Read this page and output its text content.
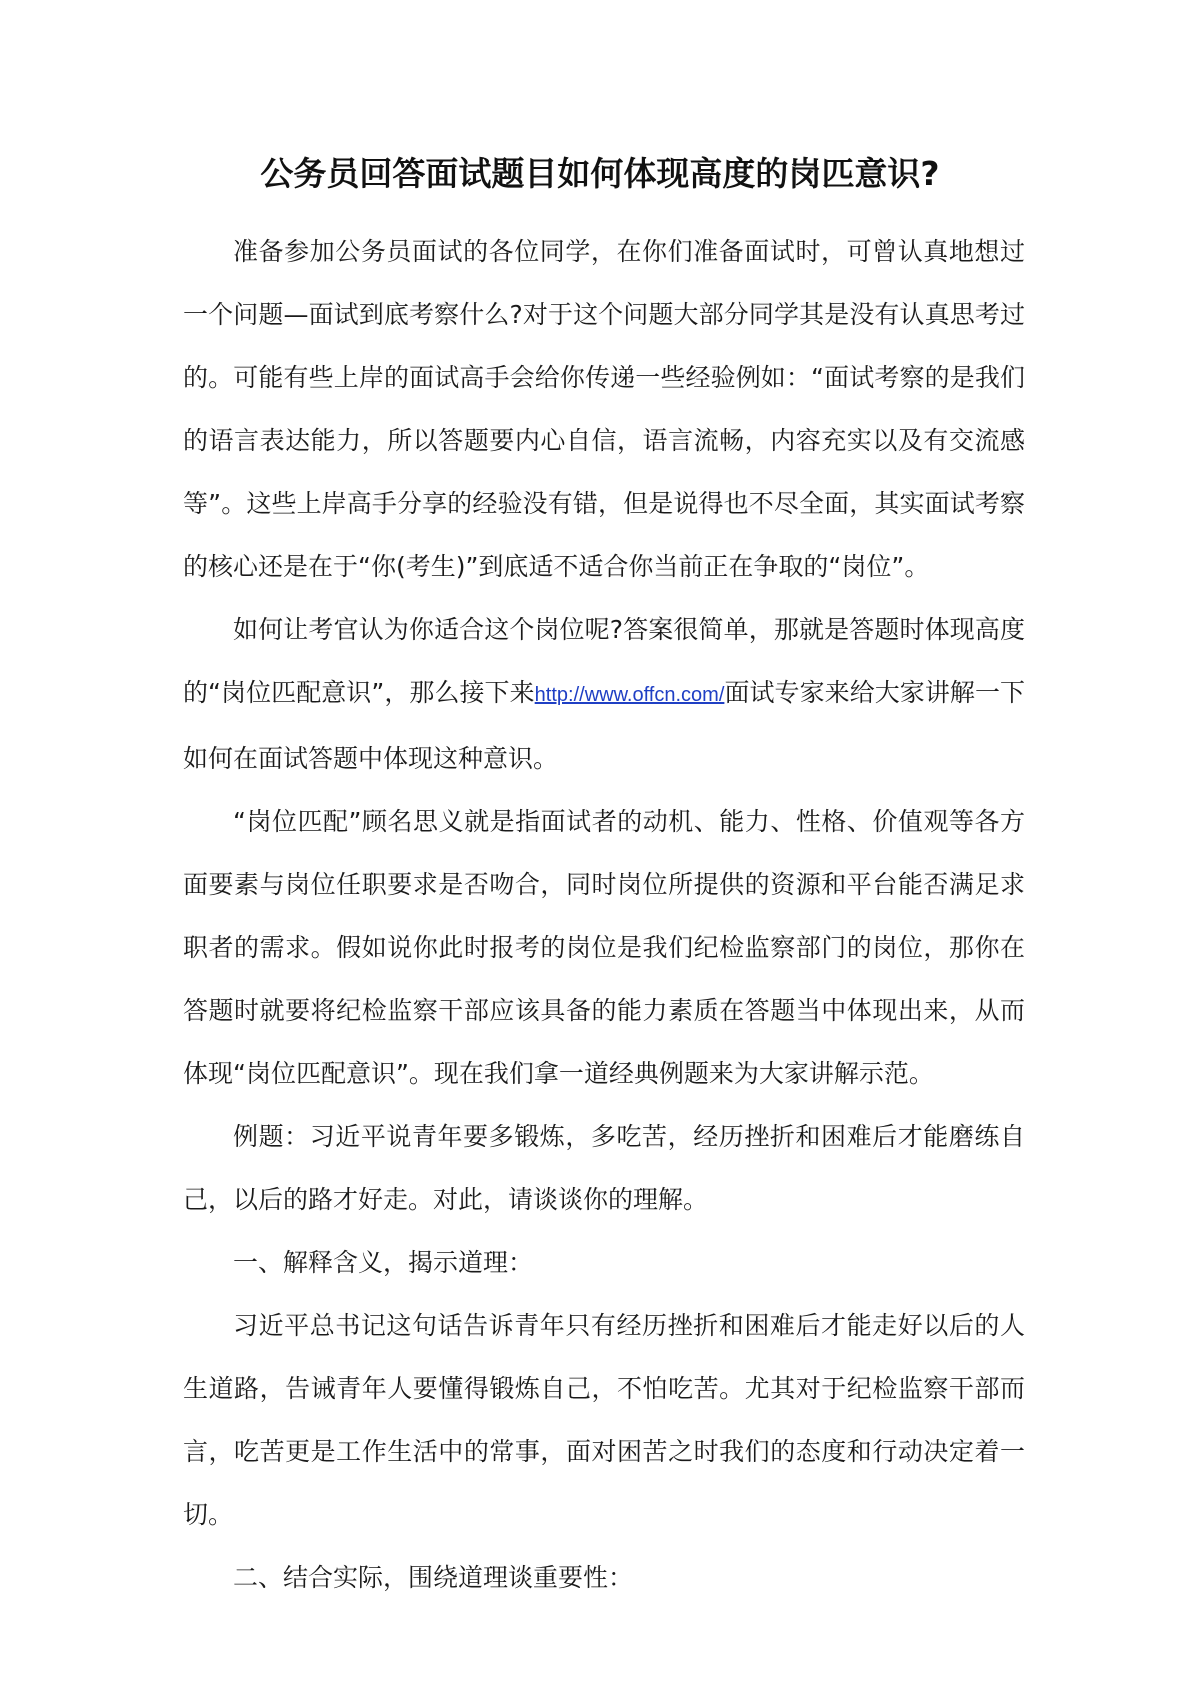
公务员回答面试题目如何体现高度的岗匹意识?

准备参加公务员面试的各位同学，在你们准备面试时，可曾认真地想过一个问题—面试到底考察什么?对于这个问题大部分同学其是没有认真思考过的。可能有些上岸的面试高手会给你传递一些经验例如：“面试考察的是我们的语言表达能力，所以答题要内心自信，语言流畅，内容充实以及有交流感等”。这些上岸高手分享的经验没有错，但是说得也不尽全面，其实面试考察的核心还是在于“你(考生)”到底适不适合你当前正在争取的“岗位”。

如何让考官认为你适合这个岗位呢?答案很简单，那就是答题时体现高度的“岗位匹配意识”，那么接下来http://www.offcn.com/面试专家来给大家讲解一下如何在面试答题中体现这种意识。

“岗位匹配”顾名思义就是指面试者的动机、能力、性格、价值观等各方面要素与岗位任职要求是否吻合，同时岗位所提供的资源和平台能否满足求职者的需求。假如说你此时报考的岗位是我们纪检监察部门的岗位，那你在答题时就要将纪检监察干部应该具备的能力素质在答题当中体现出来，从而体现“岗位匹配意识”。现在我们拿一道经典例题来为大家讲解示范。

例题：习近平说青年要多锻炼，多吃苦，经历挫折和困难后才能磨练自己，以后的路才好走。对此，请谈谈你的理解。

一、解释含义，揭示道理：

习近平总书记这句话告诉青年只有经历挫折和困难后才能走好以后的人生道路，告诫青年人要懂得锻炼自己，不怕吃苦。尤其对于纪检监察干部而言，吃苦更是工作生活中的常事，面对困苦之时我们的态度和行动决定着一切。

二、结合实际，围绕道理谈重要性：
